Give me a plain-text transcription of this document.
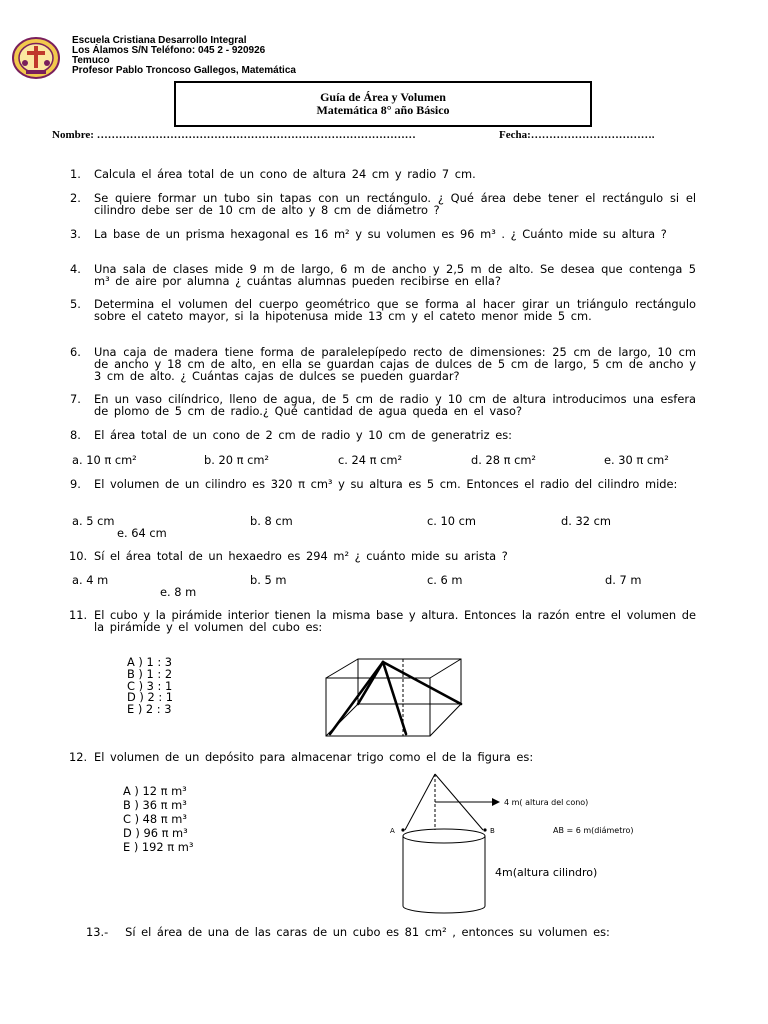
Escuela Cristiana Desarrollo Integral
Los Álamos S/N Teléfono: 045 2 - 920926
Temuco
Profesor Pablo Troncoso Gallegos, Matemática
Guía de Área y Volumen
Matemática 8° año Básico
Nombre: ……………………………………………………………………………	Fecha:…………………………….
1. Calcula el área total de un cono de altura 24 cm y radio 7 cm.
2. Se quiere formar un tubo sin tapas con un rectángulo. ¿ Qué área debe tener el rectángulo si el cilindro debe ser de 10 cm de alto y 8 cm de diámetro ?
3. La base de un prisma hexagonal es 16 m² y su volumen es 96 m³ . ¿ Cuánto mide su altura ?
4. Una sala de clases mide 9 m de largo, 6 m de ancho y 2,5 m de alto. Se desea que contenga 5 m³ de aire por alumna ¿ cuántas alumnas pueden recibirse en ella?
5. Determina el volumen del cuerpo geométrico que se forma al hacer girar un triángulo rectángulo sobre el cateto mayor, si la hipotenusa mide 13 cm y el cateto menor mide 5 cm.
6. Una caja de madera tiene forma de paralelepípedo recto de dimensiones: 25 cm de largo, 10 cm de ancho y 18 cm de alto, en ella se guardan cajas de dulces de 5 cm de largo, 5 cm de ancho y 3 cm de alto. ¿ Cuántas cajas de dulces se pueden guardar?
7. En un vaso cilíndrico, lleno de agua, de 5 cm de radio y 10 cm de altura introducimos una esfera de plomo de 5 cm de radio.¿ Qué cantidad de agua queda en el vaso?
8. El área total de un cono de 2 cm de radio y 10 cm de generatriz es:
a. 10 π cm²	b. 20 π cm²	c. 24 π cm²	d. 28 π cm²	e. 30 π cm²
9. El volumen de un cilindro es 320 π cm³ y su altura es 5 cm. Entonces el radio del cilindro mide:
a. 5 cm	b. 8 cm	c. 10 cm	d. 32 cm
e. 64 cm
10. Sí el área total de un hexaedro es 294 m² ¿ cuánto mide su arista ?
a. 4 m	b. 5 m	c. 6 m	d. 7 m
e. 8 m
11. El cubo y la pirámide interior tienen la misma base y altura. Entonces la razón entre el volumen de la pirámide y el volumen del cubo es:
A ) 1 : 3
B ) 1 : 2
C ) 3 : 1
D ) 2 : 1
E ) 2 : 3
12. El volumen de un depósito para almacenar trigo como el de la figura es:
A ) 12 π m³
B ) 36 π m³
C ) 48 π m³
D ) 96 π m³
E ) 192 π m³
4 m( altura del cono)
A	B	AB = 6 m(diámetro)
4m(altura cilindro)
13.- Sí el área de una de las caras de un cubo es 81 cm² , entonces su volumen es:
